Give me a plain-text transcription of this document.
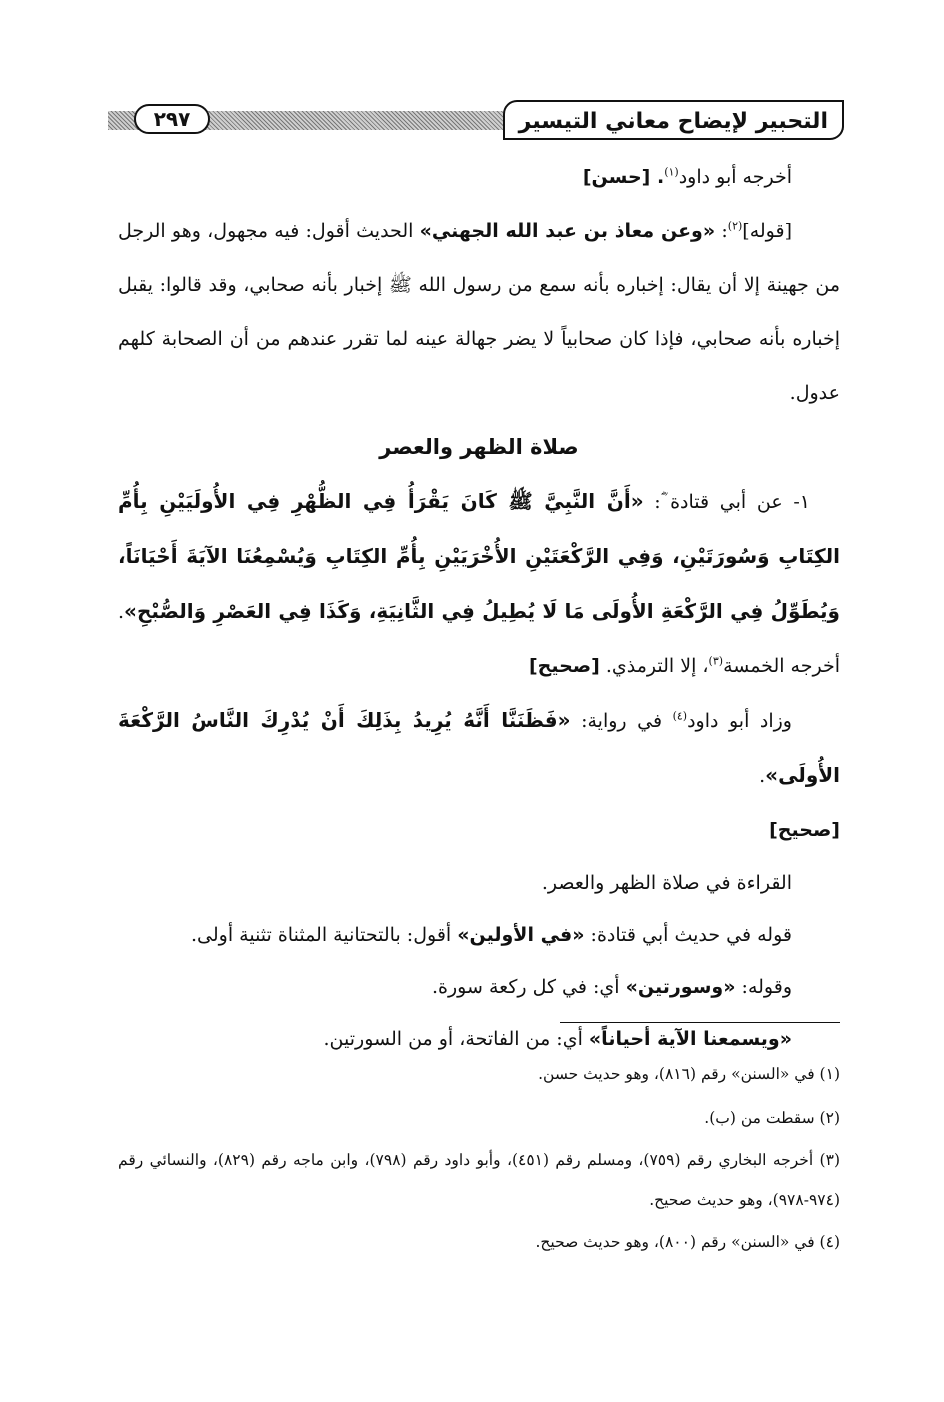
التحبير لإيضاح معاني التيسير
٢٩٧

أخرجه أبو داود$^{(١)}$. [حسن]

[قوله]$^{(٢)}$: «وعن معاذ بن عبد الله الجهني» الحديث أقول: فيه مجهول، وهو الرجل من جهينة إلا أن يقال: إخباره بأنه سمع من رسول الله ﷺ إخبار بأنه صحابي، وقد قالوا: يقبل إخباره بأنه صحابي، فإذا كان صحابياً لا يضر جهالة عينه لما تقرر عندهم من أن الصحابة كلهم عدول.

صلاة الظهر والعصر

١- عن أبي قتادة ؓ: «أَنَّ النَّبِيَّ ﷺ كَانَ يَقْرَأُ فِي الظُّهْرِ فِي الأُولَيَيْنِ بِأُمِّ الكِتَابِ وَسُورَتَيْنِ، وَفِي الرَّكْعَتَيْنِ الأُخْرَيَيْنِ بِأُمِّ الكِتَابِ وَيُسْمِعُنَا الآيَةَ أَحْيَانَاً، وَيُطَوِّلُ فِي الرَّكْعَةِ الأُولَى مَا لَا يُطِيلُ فِي الثَّانِيَةِ، وَكَذَا فِي العَصْرِ وَالصُّبْحِ». أخرجه الخمسة$^{(٣)}$، إلا الترمذي. [صحيح]

وزاد أبو داود$^{(٤)}$ في رواية: «فَظَنَنَّا أَنَّهُ يُرِيدُ بِذَلِكَ أَنْ يُدْرِكَ النَّاسُ الرَّكْعَةَ الأُولَى».
[صحيح]

القراءة في صلاة الظهر والعصر.

قوله في حديث أبي قتادة: «في الأولين» أقول: بالتحتانية المثناة تثنية أولى.

وقوله: «وسورتين» أي: في كل ركعة سورة.

«ويسمعنا الآية أحياناً» أي: من الفاتحة، أو من السورتين.

(١) في «السنن» رقم (٨١٦)، وهو حديث حسن.

(٢) سقطت من (ب).

(٣) أخرجه البخاري رقم (٧٥٩)، ومسلم رقم (٤٥١)، وأبو داود رقم (٧٩٨)، وابن ماجه رقم (٨٢٩)، والنسائي رقم (٩٧٤-٩٧٨)، وهو حديث صحيح.

(٤) في «السنن» رقم (٨٠٠)، وهو حديث صحيح.
